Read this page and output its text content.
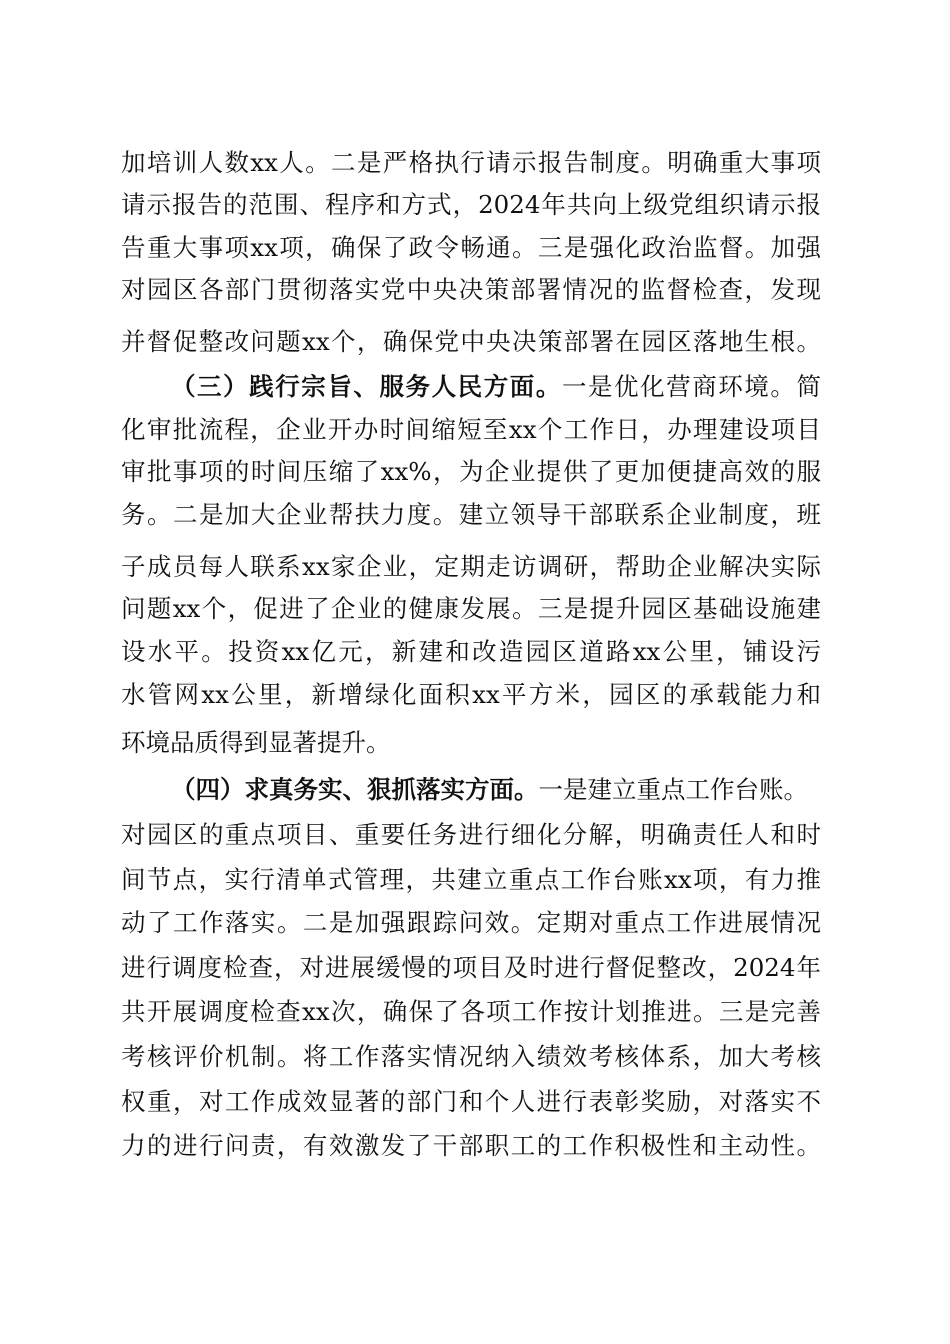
加培训人数xx人。二是严格执行请示报告制度。明确重大事项

请示报告的范围、程序和方式，2024年共向上级党组织请示报

告重大事项xx项，确保了政令畅通。三是强化政治监督。加强

对园区各部门贯彻落实党中央决策部署情况的监督检查，发现

并督促整改问题xx个，确保党中央决策部署在园区落地生根。

（三）践行宗旨、服务人民方面。一是优化营商环境。简

化审批流程，企业开办时间缩短至xx个工作日，办理建设项目

审批事项的时间压缩了xx%，为企业提供了更加便捷高效的服

务。二是加大企业帮扶力度。建立领导干部联系企业制度，班

子成员每人联系xx家企业，定期走访调研，帮助企业解决实际

问题xx个，促进了企业的健康发展。三是提升园区基础设施建

设水平。投资xx亿元，新建和改造园区道路xx公里，铺设污

水管网xx公里，新增绿化面积xx平方米，园区的承载能力和

环境品质得到显著提升。

（四）求真务实、狠抓落实方面。一是建立重点工作台账。

对园区的重点项目、重要任务进行细化分解，明确责任人和时

间节点，实行清单式管理，共建立重点工作台账xx项，有力推

动了工作落实。二是加强跟踪问效。定期对重点工作进展情况

进行调度检查，对进展缓慢的项目及时进行督促整改，2024年

共开展调度检查xx次，确保了各项工作按计划推进。三是完善

考核评价机制。将工作落实情况纳入绩效考核体系，加大考核

权重，对工作成效显著的部门和个人进行表彰奖励，对落实不

力的进行问责，有效激发了干部职工的工作积极性和主动性。
